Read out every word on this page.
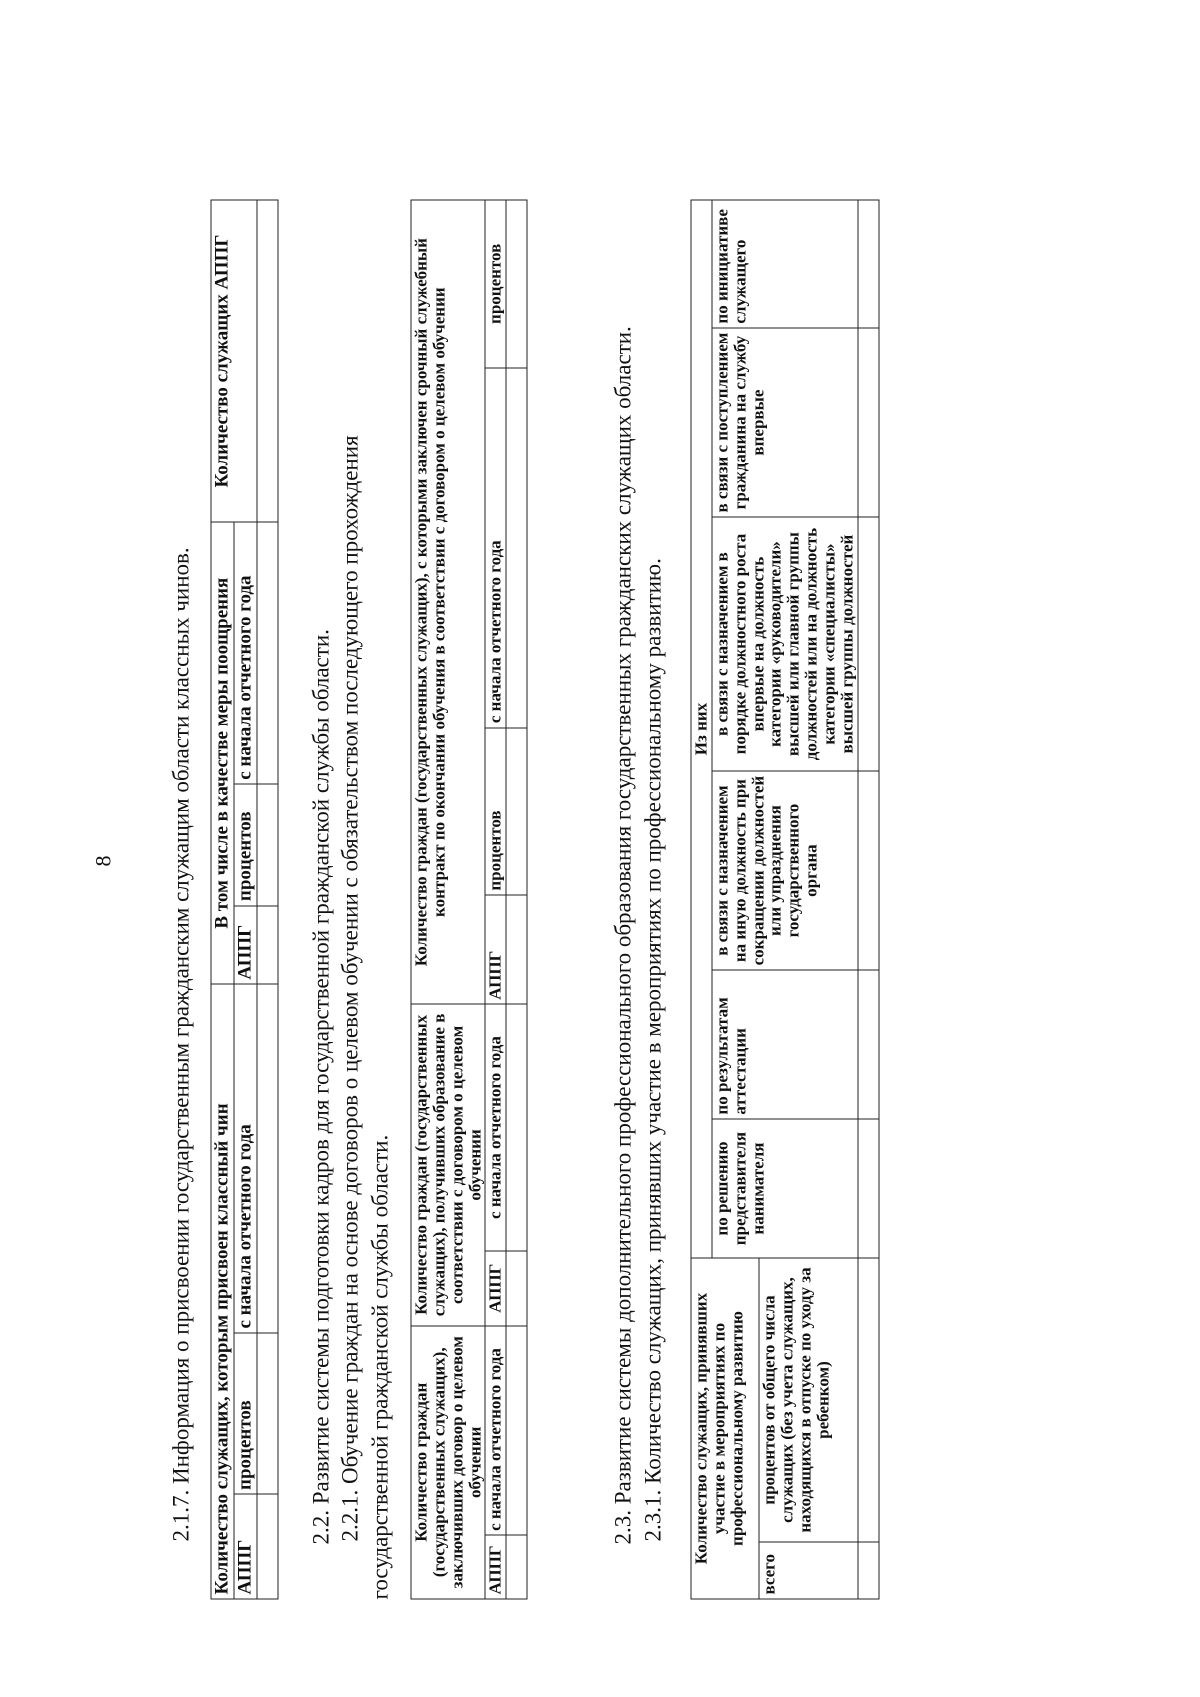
8 2.1.7. Информация о присвоении государственным гражданским служащим области классных чинов. Количество служащих, которым присвоен классный чин			В том числе в качестве меры поощрения			Количество служащих АППГ
АППГ	процентов	с начала отчетного года	АППГ	процентов	с начала отчетного года	
						2.2. Развитие системы подготовки кадров для государственной гражданской службы области. 2.2.1. Обучение граждан на основе договоров о целевом обучении с обязательством последующего прохождения государственной гражданской службы области. Количество граждан (государственных служащих), заключивших договор о целевом обучении		Количество граждан (государственных служащих), получивших образование в соответствии с договором о целевом обучении		Количество граждан (государственных служащих), с которыми заключен срочный служебный контракт по окончании обучения в соответствии с договором о целевом обучении			
АППГ	с начала отчетного года	АППГ	с начала отчетного года	АППГ	процентов	с начала отчетного года	процентов

2.3. Развитие системы дополнительного профессионального образования государственных гражданских служащих области. 2.3.1. Количество служащих, принявших участие в мероприятиях по профессиональному развитию. Количество служащих, принявших участие в мероприятиях по профессиональному развитию		Из них					
		по решению представителя нанимателя	по результатам аттестации	в связи с назначением на иную должность при сокращении должностей или упразднения государственного органа	в связи с назначением в порядке должностного роста впервые на должность категории «руководители» высшей или главной группы должностей или на должность категории «специалисты» высшей группы должностей	в связи с поступлением гражданина на службу впервые	по инициативе служащего
всего	процентов от общего числа служащих (без учета служащих, находящихся в отпуске по уходу за ребенком)						
